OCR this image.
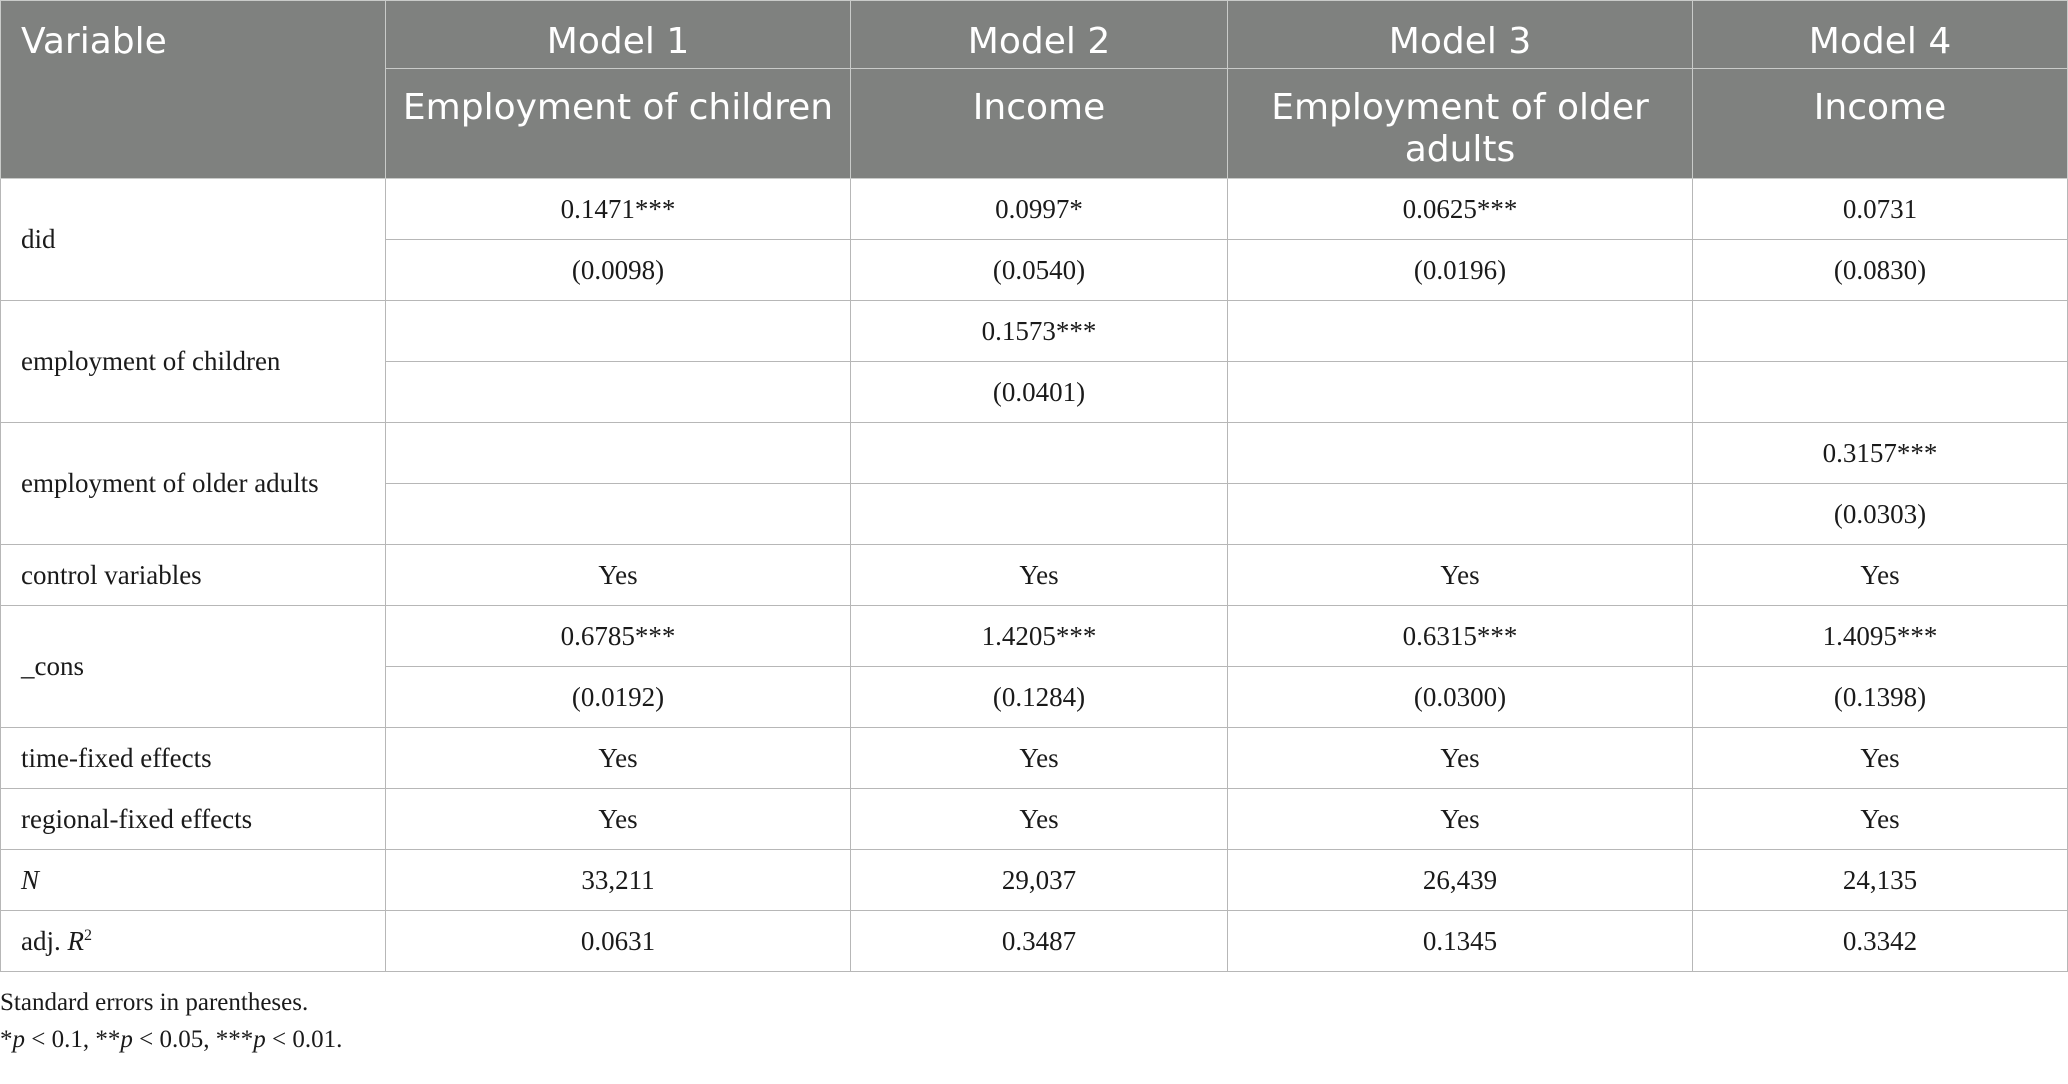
Variable	Model 1	Model 2	Model 3	Model 4
	Employment of children	Income	Employment of older adults	Income
did	0.1471***	0.0997*	0.0625***	0.0731
	(0.0098)	(0.0540)	(0.0196)	(0.0830)
employment of children		0.1573***		
		(0.0401)		
employment of older adults				0.3157***
				(0.0303)
control variables	Yes	Yes	Yes	Yes
_cons	0.6785***	1.4205***	0.6315***	1.4095***
	(0.0192)	(0.1284)	(0.0300)	(0.1398)
time-fixed effects	Yes	Yes	Yes	Yes
regional-fixed effects	Yes	Yes	Yes	Yes
N	33,211	29,037	26,439	24,135
adj. $R^2$	0.0631	0.3487	0.1345	0.3342

Standard errors in parentheses.

*p < 0.1, **p < 0.05, ***p < 0.01.
